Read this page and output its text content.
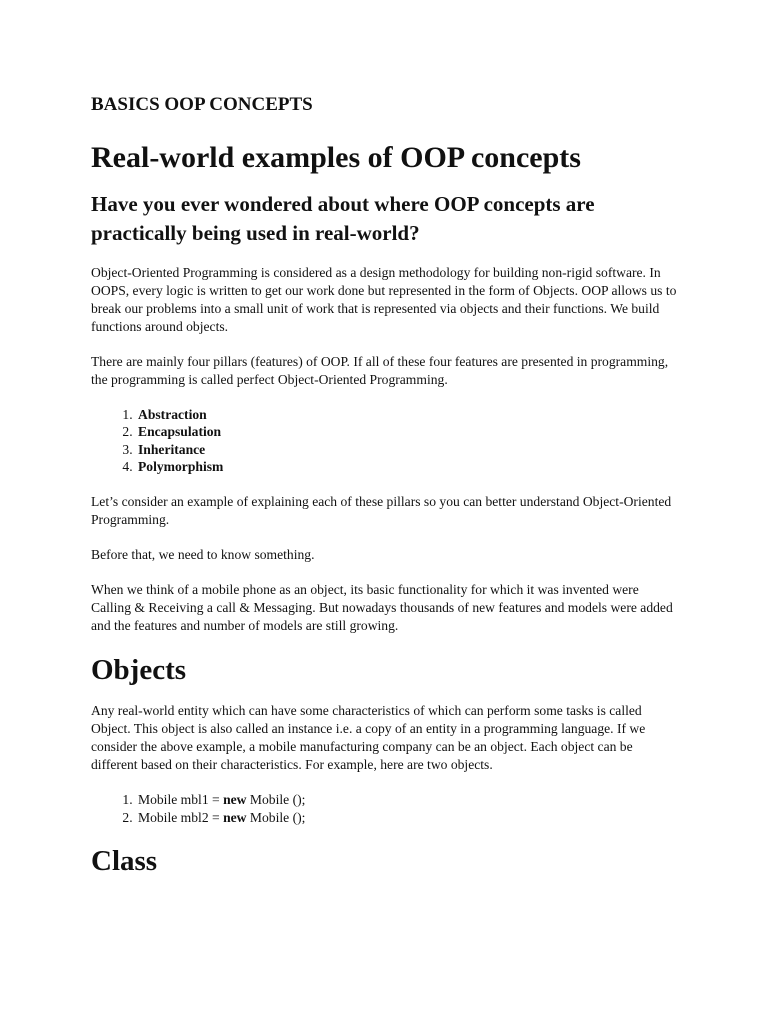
BASICS OOP CONCEPTS
Real-world examples of OOP concepts
Have you ever wondered about where OOP concepts are practically being used in real-world?

Object-Oriented Programming is considered as a design methodology for building non-rigid software. In OOPS, every logic is written to get our work done but represented in the form of Objects. OOP allows us to break our problems into a small unit of work that is represented via objects and their functions. We build functions around objects.

There are mainly four pillars (features) of OOP. If all of these four features are presented in programming, the programming is called perfect Object-Oriented Programming.

1. Abstraction
2. Encapsulation
3. Inheritance
4. Polymorphism

Let’s consider an example of explaining each of these pillars so you can better understand Object-Oriented Programming.

Before that, we need to know something.

When we think of a mobile phone as an object, its basic functionality for which it was invented were Calling & Receiving a call & Messaging. But nowadays thousands of new features and models were added and the features and number of models are still growing.

Objects

Any real-world entity which can have some characteristics of which can perform some tasks is called Object. This object is also called an instance i.e. a copy of an entity in a programming language. If we consider the above example, a mobile manufacturing company can be an object. Each object can be different based on their characteristics. For example, here are two objects.

1. Mobile mbl1 = new Mobile ();
2. Mobile mbl2 = new Mobile ();
Class
